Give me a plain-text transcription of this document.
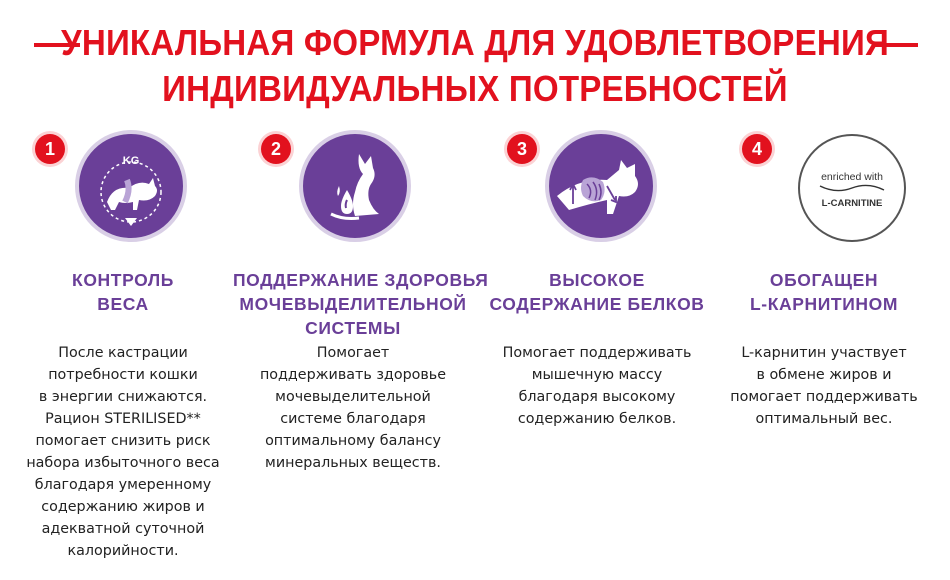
УНИКАЛЬНАЯ ФОРМУЛА ДЛЯ УДОВЛЕТВОРЕНИЯ
ИНДИВИДУАЛЬНЫХ ПОТРЕБНОСТЕЙ
1
KG
КОНТРОЛЬ
ВЕСА
После кастрации
потребности кошки
в энергии снижаются.
Рацион STERILISED**
помогает снизить риск
набора избыточного веса
благодаря умеренному
содержанию жиров и
адекватной суточной
калорийности.
2
ПОДДЕРЖАНИЕ ЗДОРОВЬЯ
МОЧЕВЫДЕЛИТЕЛЬНОЙ
СИСТЕМЫ
Помогает
поддерживать здоровье
мочевыделительной
системе благодаря
оптимальному балансу
минеральных веществ.
3
ВЫСОКОЕ
СОДЕРЖАНИЕ БЕЛКОВ
Помогает поддерживать
мышечную массу
благодаря высокому
содержанию белков.
4
enriched with
L-CARNITINE
ОБОГАЩЕН
L-КАРНИТИНОМ
L-карнитин участвует
в обмене жиров и
помогает поддерживать
оптимальный вес.
